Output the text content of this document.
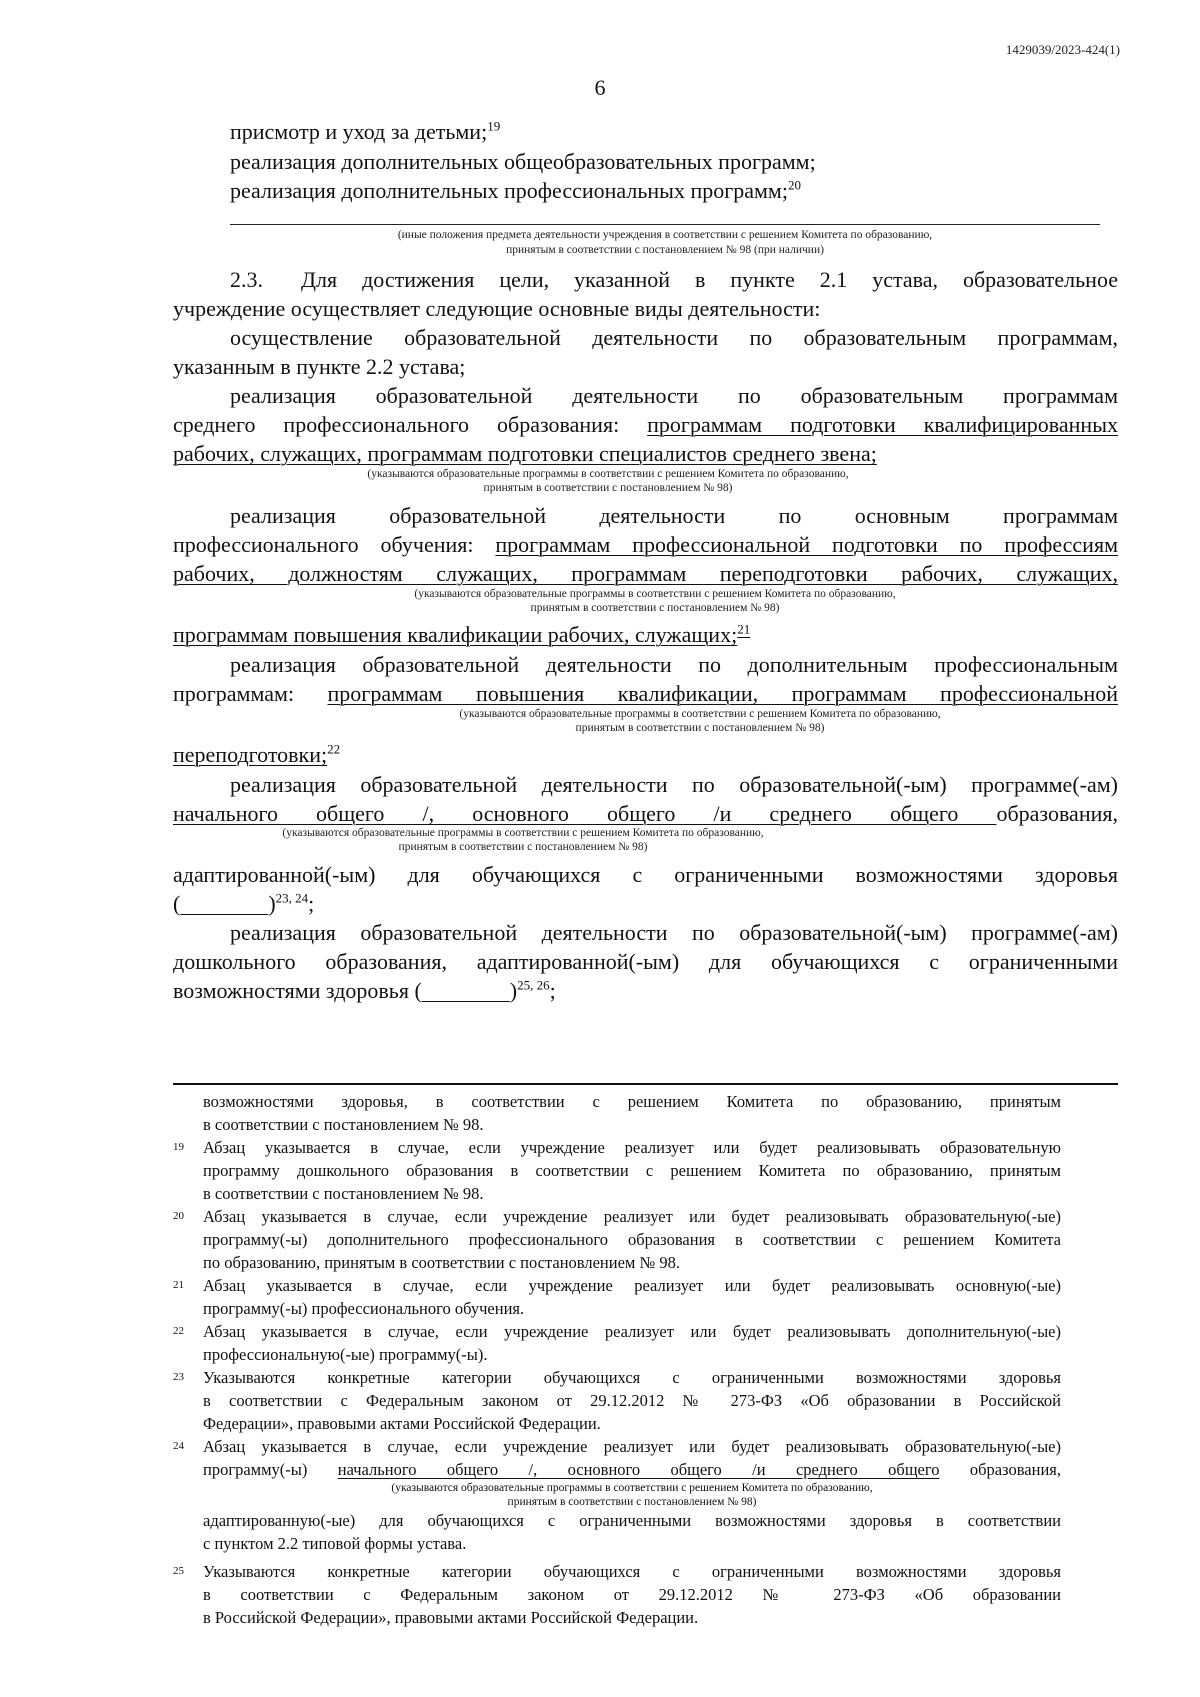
1429039/2023-424(1)
6
присмотр и уход за детьми;$^{19}$
реализация дополнительных общеобразовательных программ;
реализация дополнительных профессиональных программ;$^{20}$
(иные положения предмета деятельности учреждения в соответствии с решением Комитета по образованию,
принятым в соответствии с постановлением № 98 (при наличии)
2.3. Для достижения цели, указанной в пункте 2.1 устава, образовательное
учреждение осуществляет следующие основные виды деятельности:
осуществление образовательной деятельности по образовательным программам,
указанным в пункте 2.2 устава;
реализация образовательной деятельности по образовательным программам
среднего профессионального образования: программам подготовки квалифицированных
рабочих, служащих, программам подготовки специалистов среднего звена;
(указываются образовательные программы в соответствии с решением Комитета по образованию,
принятым в соответствии с постановлением № 98)
реализация образовательной деятельности по основным программам
профессионального обучения: программам профессиональной подготовки по профессиям
рабочих, должностям служащих, программам переподготовки рабочих, служащих,
(указываются образовательные программы в соответствии с решением Комитета по образованию,
принятым в соответствии с постановлением № 98)
программам повышения квалификации рабочих, служащих;$^{21}$
реализация образовательной деятельности по дополнительным профессиональным
программам: программам повышения квалификации, программам профессиональной
(указываются образовательные программы в соответствии с решением Комитета по образованию,
принятым в соответствии с постановлением № 98)
переподготовки;$^{22}$
реализация образовательной деятельности по образовательной(-ым) программе(-ам)
начального общего /, основного общего /и среднего общего образования,
(указываются образовательные программы в соответствии с решением Комитета по образованию,
принятым в соответствии с постановлением № 98)
адаптированной(-ым) для обучающихся с ограниченными возможностями здоровья
(	)$^{23, 24}$;
реализация образовательной деятельности по образовательной(-ым) программе(-ам)
дошкольного образования, адаптированной(-ым) для обучающихся с ограниченными
возможностями здоровья (	)$^{25, 26}$;
возможностями здоровья, в соответствии с решением Комитета по образованию, принятым
в соответствии с постановлением № 98.
19 Абзац указывается в случае, если учреждение реализует или будет реализовывать образовательную
программу дошкольного образования в соответствии с решением Комитета по образованию, принятым
в соответствии с постановлением № 98.
20 Абзац указывается в случае, если учреждение реализует или будет реализовывать образовательную(-ые)
программу(-ы) дополнительного профессионального образования в соответствии с решением Комитета
по образованию, принятым в соответствии с постановлением № 98.
21 Абзац указывается в случае, если учреждение реализует или будет реализовывать основную(-ые)
программу(-ы) профессионального обучения.
22 Абзац указывается в случае, если учреждение реализует или будет реализовывать дополнительную(-ые)
профессиональную(-ые) программу(-ы).
23 Указываются конкретные категории обучающихся с ограниченными возможностями здоровья
в соответствии с Федеральным законом от 29.12.2012 № 273-ФЗ «Об образовании в Российской
Федерации», правовыми актами Российской Федерации.
24 Абзац указывается в случае, если учреждение реализует или будет реализовывать образовательную(-ые)
программу(-ы) начального общего /, основного общего /и среднего общего образования,
(указываются образовательные программы в соответствии с решением Комитета по образованию,
принятым в соответствии с постановлением № 98)
адаптированную(-ые) для обучающихся с ограниченными возможностями здоровья в соответствии
с пунктом 2.2 типовой формы устава.
25 Указываются конкретные категории обучающихся с ограниченными возможностями здоровья
в соответствии с Федеральным законом от 29.12.2012 № 273-ФЗ «Об образовании
в Российской Федерации», правовыми актами Российской Федерации.
